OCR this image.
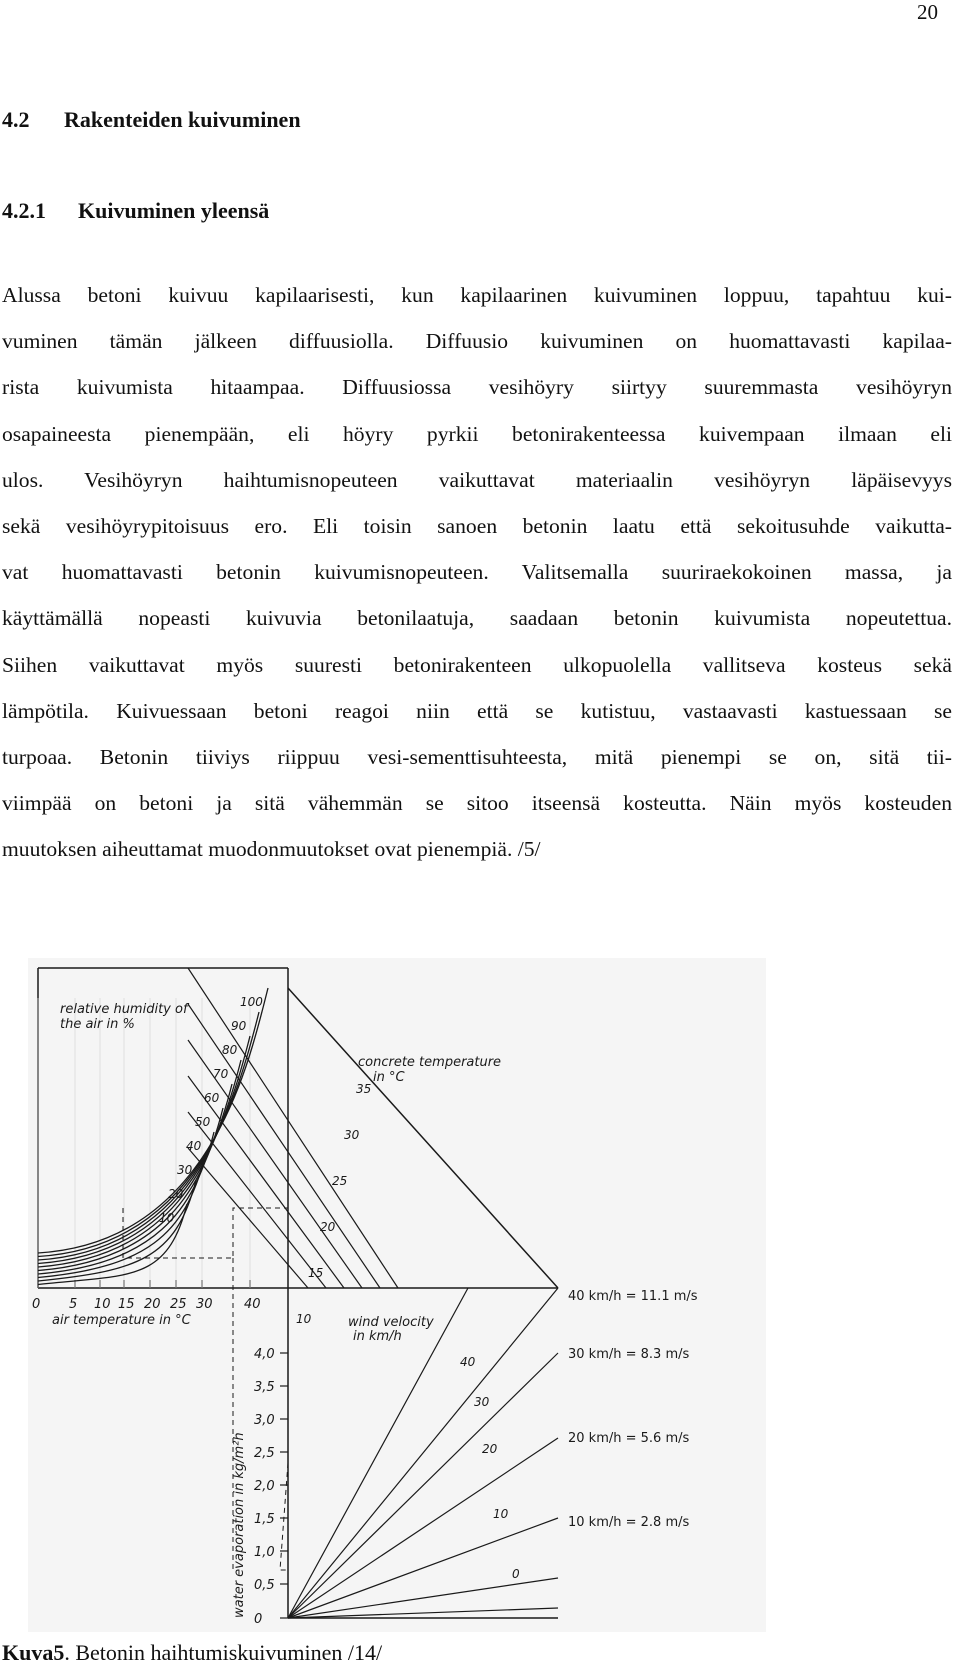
20
4.2 Rakenteiden kuivuminen
4.2.1 Kuivuminen yleensä
Alussa betoni kuivuu kapilaarisesti, kun kapilaarinen kuivuminen loppuu, tapahtuu kui-
vuminen tämän jälkeen diffuusiolla. Diffuusio kuivuminen on huomattavasti kapilaa-
rista kuivumista hitaampaa. Diffuusiossa vesihöyry siirtyy suuremmasta vesihöyryn
osapaineesta pienempään, eli höyry pyrkii betonirakenteessa kuivempaan ilmaan eli
ulos. Vesihöyryn haihtumisnopeuteen vaikuttavat materiaalin vesihöyryn läpäisevyys
sekä vesihöyrypitoisuus ero. Eli toisin sanoen betonin laatu että sekoitusuhde vaikutta-
vat huomattavasti betonin kuivumisnopeuteen. Valitsemalla suuriraekokoinen massa, ja
käyttämällä nopeasti kuivuvia betonilaatuja, saadaan betonin kuivumista nopeutettua.
Siihen vaikuttavat myös suuresti betonirakenteen ulkopuolella vallitseva kosteus sekä
lämpötila. Kuivuessaan betoni reagoi niin että se kutistuu, vastaavasti kastuessaan se
turpoaa. Betonin tiiviys riippuu vesi-sementtisuhteesta, mitä pienempi se on, sitä tii-
viimpää on betoni ja sitä vähemmän se sitoo itseensä kosteutta. Näin myös kosteuden
muutoksen aiheuttamat muodonmuutokset ovat pienempiä. /5/
0 5 10 15 20 25 30 40
100
90
80
70
60
50
40
30
20
10
35
30
25
20
15
10
40
30
20
10
0
4,0
3,5
3,0
2,5
2,0
1,5
1,0
0,5
0
water evaporation in kg/m²h
relative humidity of
the air in %
concrete temperature
in °C
air temperature in °C	wind velocity
in km/h
40 km/h = 11.1 m/s
30 km/h = 8.3 m/s
20 km/h = 5.6 m/s
10 km/h = 2.8 m/s

Kuva5. Betonin haihtumiskuivuminen /14/
